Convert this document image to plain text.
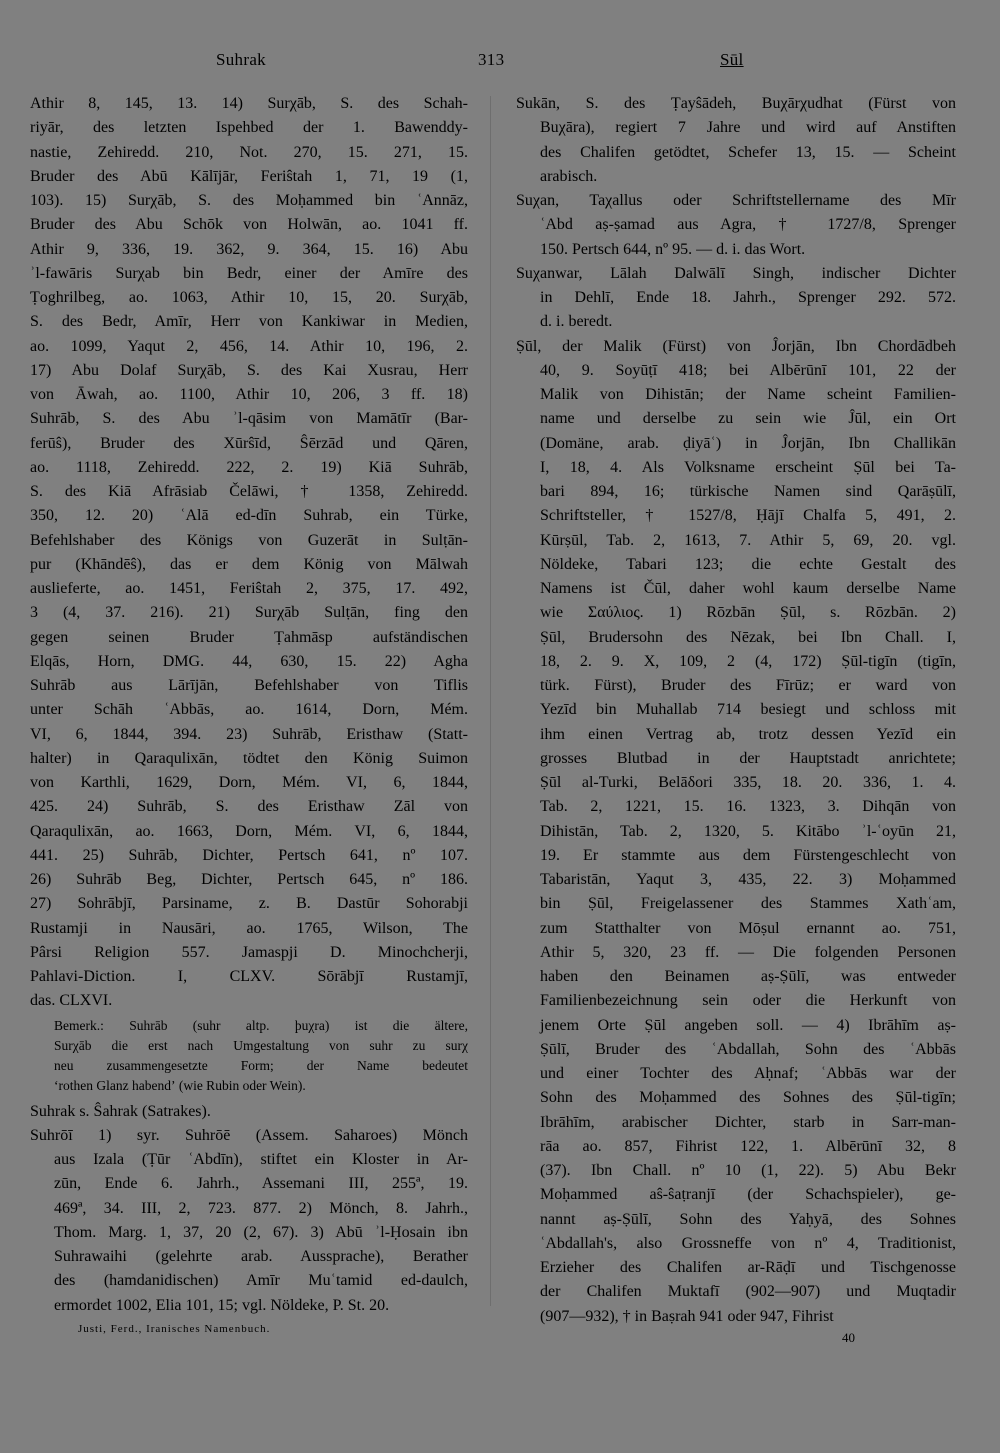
Suhrak	313	Sūl
Athir 8, 145, 13. 14) Surχāb, S. des Schah-
riyār, des letzten Ispehbed der 1. Bawenddy-
nastie, Zehiredd. 210, Not. 270, 15. 271, 15.
Bruder des Abū Kālījār, Feriŝtah 1, 71, 19 (1,
103). 15) Surχāb, S. des Moḥammed bin ʿAnnāz,
Bruder des Abu Schōk von Holwān, ao. 1041 ff.
Athir 9, 336, 19. 362, 9. 364, 15. 16) Abu
ʾl-fawāris Surχab bin Bedr, einer der Amīre des
Ṭoghrilbeg, ao. 1063, Athir 10, 15, 20. Surχāb,
S. des Bedr, Amīr, Herr von Kankiwar in Medien,
ao. 1099, Yaqut 2, 456, 14. Athir 10, 196, 2.
17) Abu Dolaf Surχāb, S. des Kai Xusrau, Herr
von Āwah, ao. 1100, Athir 10, 206, 3 ff. 18)
Suhrāb, S. des Abu ʾl-qāsim von Mamātīr (Bar-
ferūŝ), Bruder des Xūrŝīd, Ŝērzād und Qāren,
ao. 1118, Zehiredd. 222, 2. 19) Kiā Suhrāb,
S. des Kiā Afrāsiab Čelāwi, † 1358, Zehiredd.
350, 12. 20) ʿAlā ed-dīn Suhrab, ein Türke,
Befehlshaber des Königs von Guzerāt in Sulṭān-
pur (Khāndēŝ), das er dem König von Mālwah
auslieferte, ao. 1451, Feriŝtah 2, 375, 17. 492,
3 (4, 37. 216). 21) Surχāb Sulṭān, fing den
gegen seinen Bruder Ṭahmāsp aufständischen
Elqās, Horn, DMG. 44, 630, 15. 22) Agha
Suhrāb aus Lārījān, Befehlshaber von Tiflis
unter Schāh ʿAbbās, ao. 1614, Dorn, Mém.
VI, 6, 1844, 394. 23) Suhrāb, Eristhaw (Statt-
halter) in Qaraqulixān, tödtet den König Suimon
von Karthli, 1629, Dorn, Mém. VI, 6, 1844,
425. 24) Suhrāb, S. des Eristhaw Zāl von
Qaraqulixān, ao. 1663, Dorn, Mém. VI, 6, 1844,
441. 25) Suhrāb, Dichter, Pertsch 641, nº 107.
26) Suhrāb Beg, Dichter, Pertsch 645, nº 186.
27) Sohrābjī, Parsiname, z. B. Dastūr Sohorabji
Rustamji in Nausāri, ao. 1765, Wilson, The
Pârsi Religion 557. Jamaspji D. Minochcherji,
Pahlavi-Diction. I, CLXV. Sōrābjī Rustamjī,
das. CLXVI.
Bemerk.: Suhrāb (suhr altp. þuχra) ist die ältere,
Surχāb die erst nach Umgestaltung von suhr zu surχ
neu zusammengesetzte Form; der Name bedeutet
ʻrothen Glanz habendʼ (wie Rubin oder Wein).
Suhrak s. Ŝahrak (Satrakes).
Suhrōī 1) syr. Suhrōē (Assem. Saharoes) Mönch
aus Izala (Ṭūr ʿAbdīn), stiftet ein Kloster in Ar-
zūn, Ende 6. Jahrh., Assemani III, 255ª, 19.
469ª, 34. III, 2, 723. 877. 2) Mönch, 8. Jahrh.,
Thom. Marg. 1, 37, 20 (2, 67). 3) Abū ʾl-Ḥosain ibn
Suhrawaihi (gelehrte arab. Aussprache), Berather
des (hamdanidischen) Amīr Muʿtamid ed-daulch,
ermordet 1002, Elia 101, 15; vgl. Nöldeke, P. St. 20.
Sukān, S. des Ṭayŝādeh, Buχārχudhat (Fürst von
Buχāra), regiert 7 Jahre und wird auf Anstiften
des Chalifen getödtet, Schefer 13, 15. — Scheint
arabisch.
Suχan, Taχallus oder Schriftstellername des Mīr
ʿAbd aṣ-ṣamad aus Agra, † 1727/8, Sprenger
150. Pertsch 644, nº 95. — d. i. das Wort.
Suχanwar, Lālah Dalwālī Singh, indischer Dichter
in Dehlī, Ende 18. Jahrh., Sprenger 292. 572.
d. i. beredt.
Ṣūl, der Malik (Fürst) von Ĵorjān, Ibn Chordādbeh
40, 9. Soyūṭī 418; bei Albērūnī 101, 22 der
Malik von Dihistān; der Name scheint Familien-
name und derselbe zu sein wie Ĵūl, ein Ort
(Domäne, arab. ḍiyāʿ) in Ĵorjān, Ibn Challikān
I, 18, 4. Als Volksname erscheint Ṣūl bei Ta-
bari 894, 16; türkische Namen sind Qarāṣūlī,
Schriftsteller, † 1527/8, Ḥājī Chalfa 5, 491, 2.
Kūrṣūl, Tab. 2, 1613, 7. Athir 5, 69, 20. vgl.
Nöldeke, Tabari 123; die echte Gestalt des
Namens ist Čūl, daher wohl kaum derselbe Name
wie Σαύλιος. 1) Rōzbān Ṣūl, s. Rōzbān. 2)
Ṣūl, Brudersohn des Nēzak, bei Ibn Chall. I,
18, 2. 9. X, 109, 2 (4, 172) Ṣūl-tigīn (tigīn,
türk. Fürst), Bruder des Fīrūz; er ward von
Yezīd bin Muhallab 714 besiegt und schloss mit
ihm einen Vertrag ab, trotz dessen Yezīd ein
grosses Blutbad in der Hauptstadt anrichtete;
Ṣūl al-Turki, Belāδori 335, 18. 20. 336, 1. 4.
Tab. 2, 1221, 15. 16. 1323, 3. Dihqān von
Dihistān, Tab. 2, 1320, 5. Kitābo ʾl-ʿoyūn 21,
19. Er stammte aus dem Fürstengeschlecht von
Tabaristān, Yaqut 3, 435, 22. 3) Moḥammed
bin Ṣūl, Freigelassener des Stammes Xathʿam,
zum Statthalter von Mōṣul ernannt ao. 751,
Athir 5, 320, 23 ff. — Die folgenden Personen
haben den Beinamen aṣ-Ṣūlī, was entweder
Familienbezeichnung sein oder die Herkunft von
jenem Orte Ṣūl angeben soll. — 4) Ibrāhīm aṣ-
Ṣūlī, Bruder des ʿAbdallah, Sohn des ʿAbbās
und einer Tochter des Aḥnaf; ʿAbbās war der
Sohn des Moḥammed des Sohnes des Ṣūl-tigīn;
Ibrāhīm, arabischer Dichter, starb in Sarr-man-
rāa ao. 857, Fihrist 122, 1. Albērūnī 32, 8
(37). Ibn Chall. nº 10 (1, 22). 5) Abu Bekr
Moḥammed aŝ-ŝaṭranjī (der Schachspieler), ge-
nannt aṣ-Ṣūlī, Sohn des Yaḥyā, des Sohnes
ʿAbdallah's, also Grossneffe von nº 4, Traditionist,
Erzieher des Chalifen ar-Rāḍī und Tischgenosse
der Chalifen Muktafī (902—907) und Muqtadir
(907—932), † in Baṣrah 941 oder 947, Fihrist
Justi, Ferd., Iranisches Namenbuch.
40
